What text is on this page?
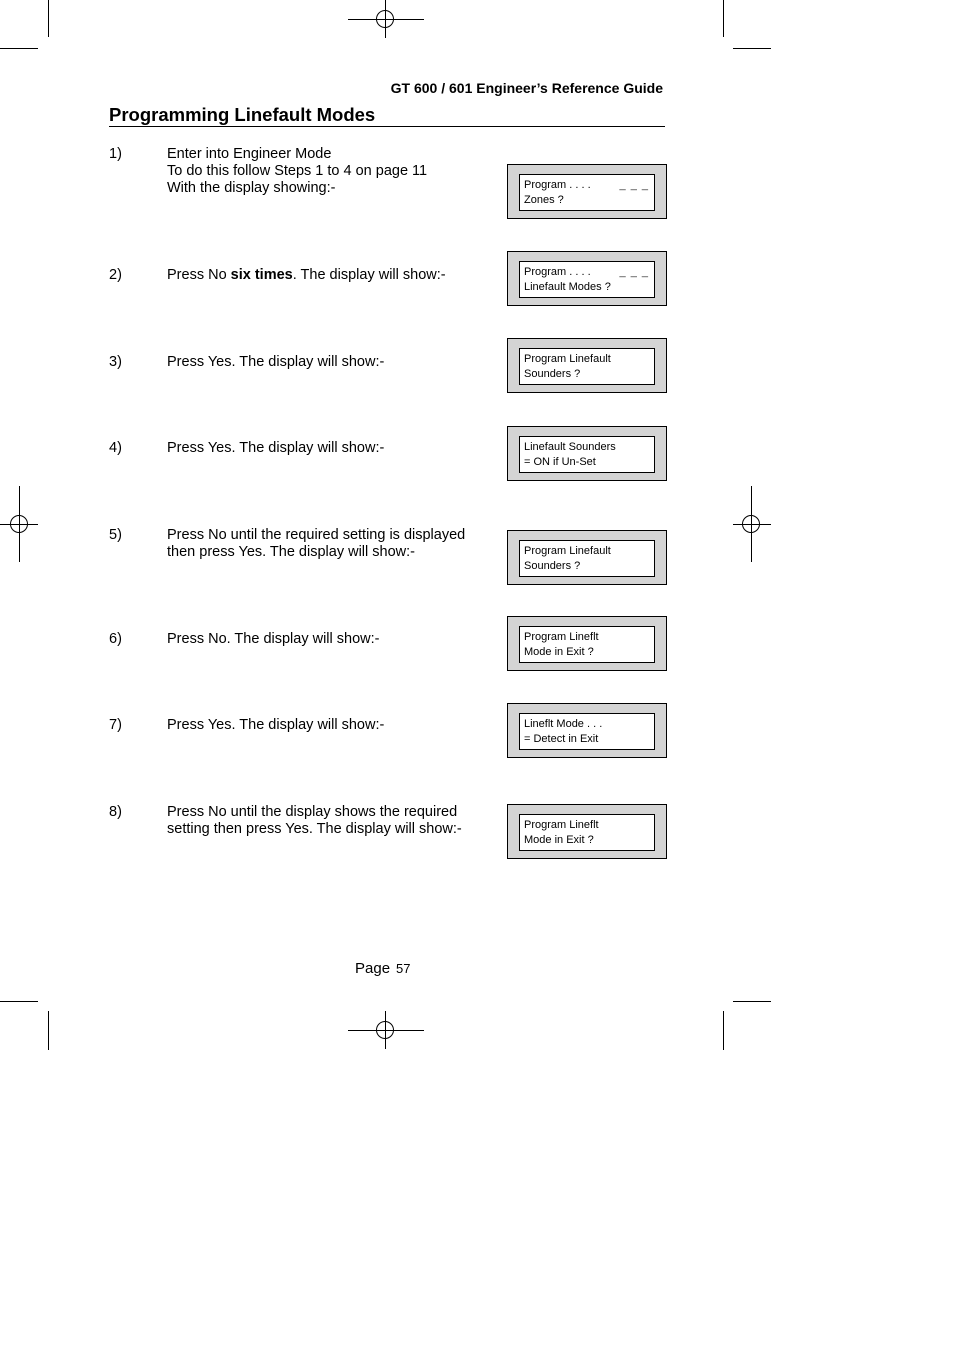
GT 600 / 601 Engineer’s Reference Guide
Programming Linefault Modes
1)	Enter into Engineer Mode
To do this follow Steps 1 to 4 on page 11
With the display showing:-	Program . . . .
Zones ?
_ _ _
2)	Press No six times. The display will show:-	Program . . . .
Linefault Modes ?
_ _ _
3)	Press Yes. The display will show:-	Program Linefault
Sounders ?
4)	Press Yes. The display will show:-	Linefault Sounders
= ON if Un-Set
5)	Press No until the required setting is displayed
then press Yes. The display will show:-	Program Linefault
Sounders ?
6)	Press No. The display will show:-	Program Lineflt
Mode in Exit ?
7)	Press Yes. The display will show:-	Lineflt Mode . . .
= Detect in Exit
8)	Press No until the display shows the required
setting then press Yes. The display will show:-	Program Lineflt
Mode in Exit ?
Page 57
